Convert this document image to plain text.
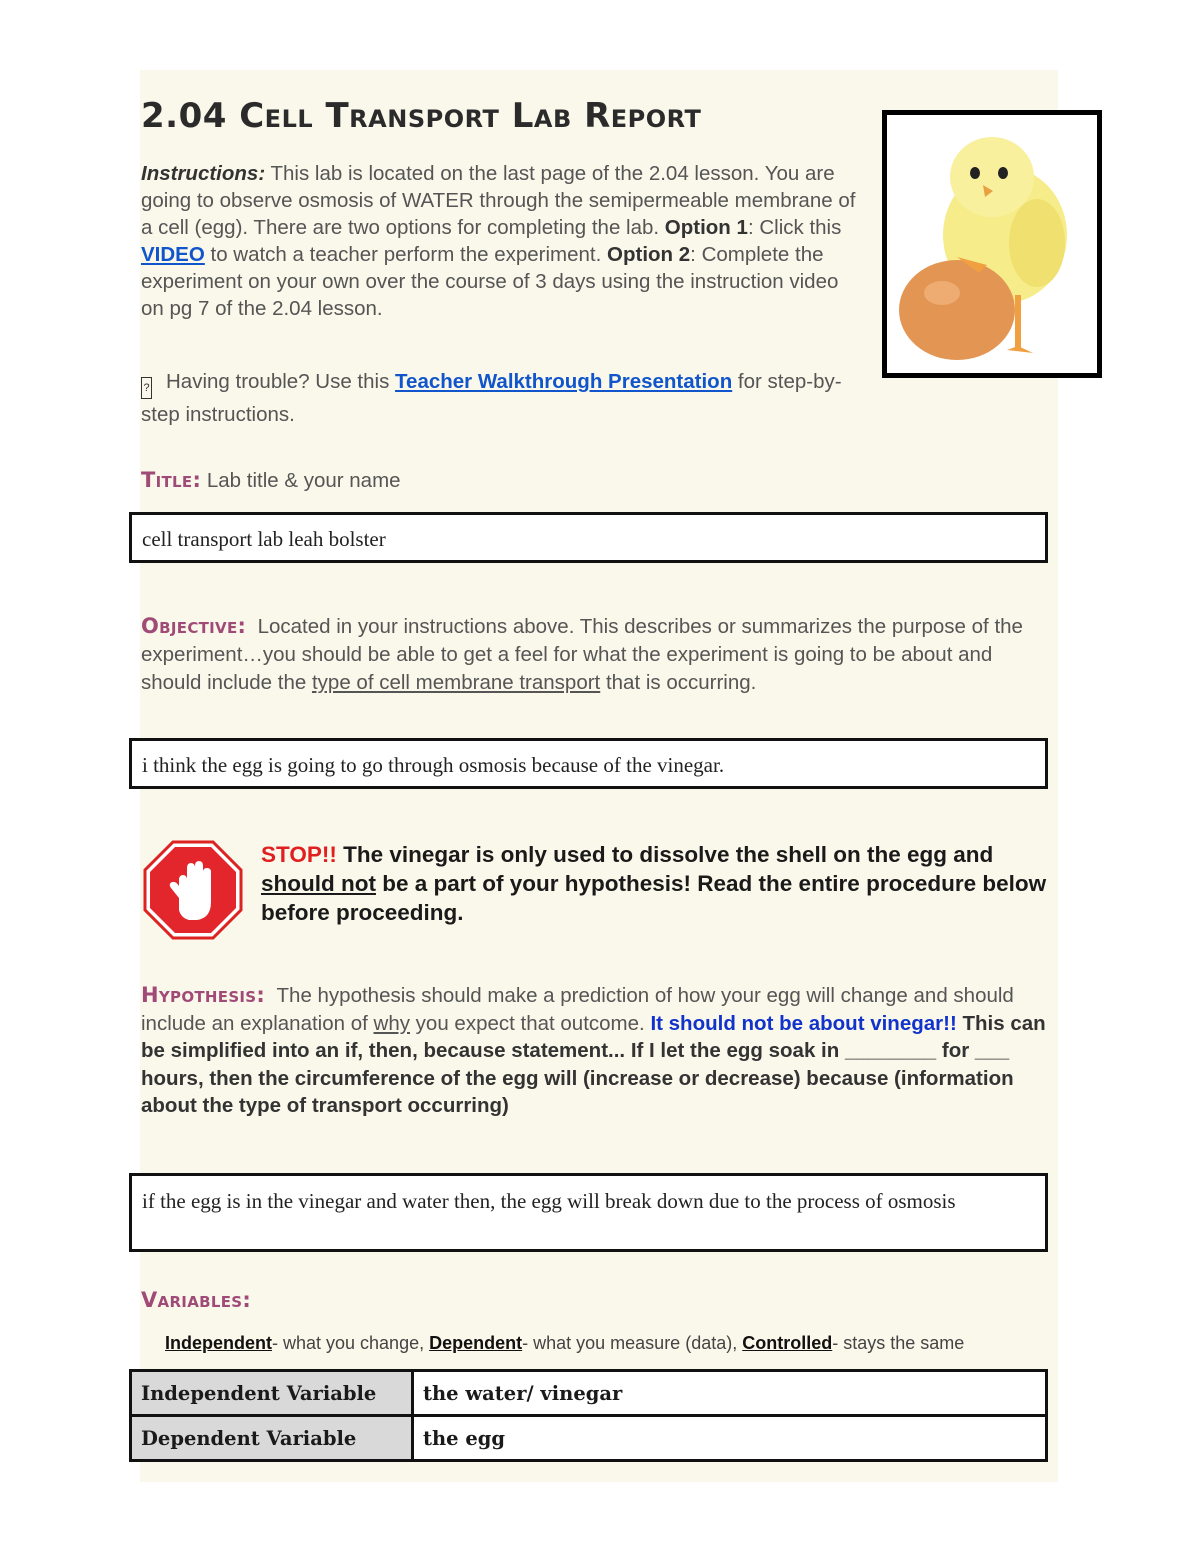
2.04 Cell Transport Lab Report
Instructions: This lab is located on the last page of the 2.04 lesson. You are going to observe osmosis of WATER through the semipermeable membrane of a cell (egg). There are two options for completing the lab. Option 1: Click this VIDEO to watch a teacher perform the experiment. Option 2: Complete the experiment on your own over the course of 3 days using the instruction video on pg 7 of the 2.04 lesson.
? Having trouble? Use this Teacher Walkthrough Presentation for step-by-step instructions.
Title: Lab title & your name
cell transport lab leah bolster
Objective: Located in your instructions above. This describes or summarizes the purpose of the experiment…you should be able to get a feel for what the experiment is going to be about and should include the type of cell membrane transport that is occurring.
i think the egg is going to go through osmosis because of the vinegar.
STOP!! The vinegar is only used to dissolve the shell on the egg and should not be a part of your hypothesis! Read the entire procedure below before proceeding.
Hypothesis: The hypothesis should make a prediction of how your egg will change and should include an explanation of why you expect that outcome. It should not be about vinegar!! This can be simplified into an if, then, because statement... If I let the egg soak in ________ for ___ hours, then the circumference of the egg will (increase or decrease) because (information about the type of transport occurring)
if the egg is in the vinegar and water then, the egg will break down due to the process of osmosis
Variables:
Independent- what you change, Dependent- what you measure (data), Controlled- stays the same
Independent Variable	the water/ vinegar
Dependent Variable	the egg
